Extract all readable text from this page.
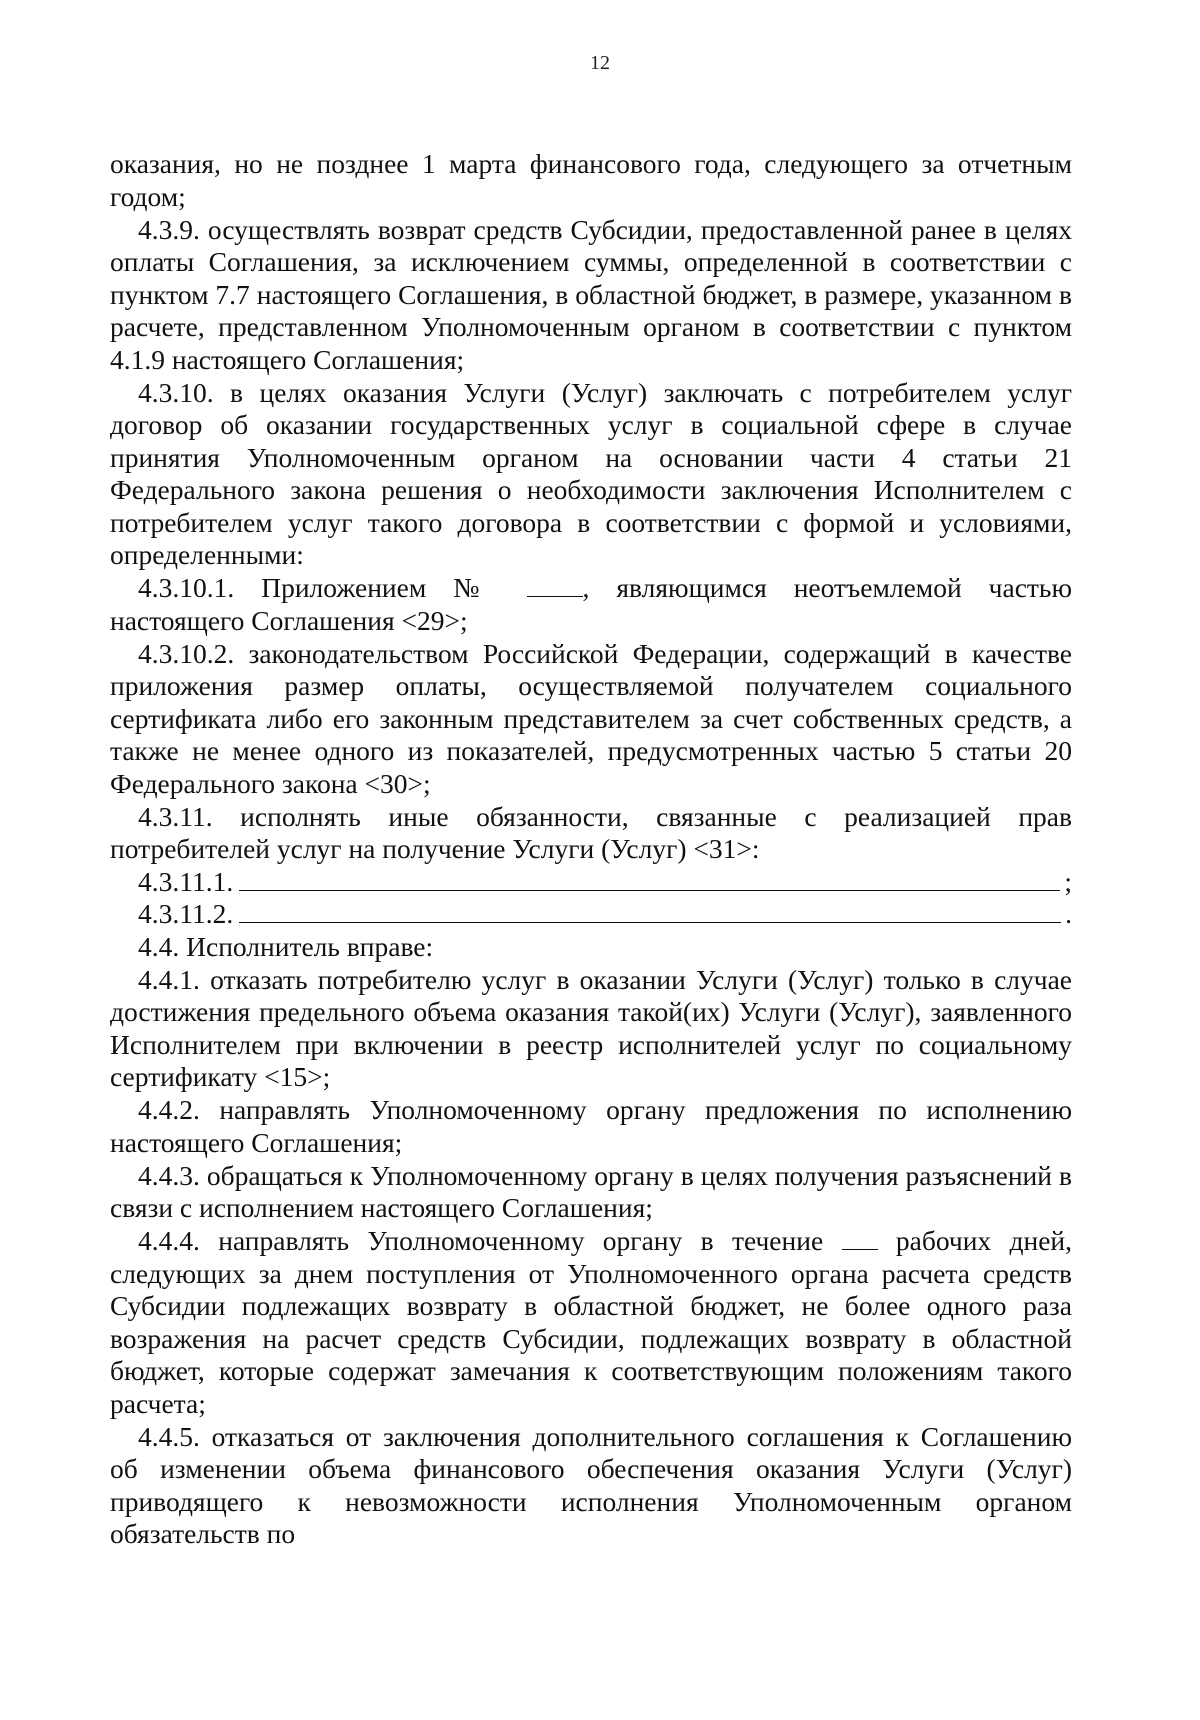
12

оказания, но не позднее 1 марта финансового года, следующего за отчетным годом;

4.3.9. осуществлять возврат средств Субсидии, предоставленной ранее в целях оплаты Соглашения, за исключением суммы, определенной в соответствии с пунктом 7.7 настоящего Соглашения, в областной бюджет, в размере, указанном в расчете, представленном Уполномоченным органом в соответствии с пунктом 4.1.9 настоящего Соглашения;

4.3.10. в целях оказания Услуги (Услуг) заключать с потребителем услуг договор об оказании государственных услуг в социальной сфере в случае принятия Уполномоченным органом на основании части 4 статьи 21 Федерального закона решения о необходимости заключения Исполнителем с потребителем услуг такого договора в соответствии с формой и условиями, определенными:

4.3.10.1. Приложением №	, являющимся неотъемлемой частью настоящего Соглашения <29>;

4.3.10.2. законодательством Российской Федерации, содержащий в качестве приложения размер оплаты, осуществляемой получателем социального сертификата либо его законным представителем за счет собственных средств, а также не менее одного из показателей, предусмотренных частью 5 статьи 20 Федерального закона <30>;

4.3.11. исполнять иные обязанности, связанные с реализацией прав потребителей услуг на получение Услуги (Услуг) <31>:

4.3.11.1.	;
4.3.11.2.	.

4.4. Исполнитель вправе:

4.4.1. отказать потребителю услуг в оказании Услуги (Услуг) только в случае достижения предельного объема оказания такой(их) Услуги (Услуг), заявленного Исполнителем при включении в реестр исполнителей услуг по социальному сертификату <15>;

4.4.2. направлять Уполномоченному органу предложения по исполнению настоящего Соглашения;

4.4.3. обращаться к Уполномоченному органу в целях получения разъяснений в связи с исполнением настоящего Соглашения;

4.4.4. направлять Уполномоченному органу в течение	рабочих дней, следующих за днем поступления от Уполномоченного органа расчета средств Субсидии подлежащих возврату в областной бюджет, не более одного раза возражения на расчет средств Субсидии, подлежащих возврату в областной бюджет, которые содержат замечания к соответствующим положениям такого расчета;

4.4.5. отказаться от заключения дополнительного соглашения к Соглашению об изменении объема финансового обеспечения оказания Услуги (Услуг) приводящего к невозможности исполнения Уполномоченным органом обязательств по
